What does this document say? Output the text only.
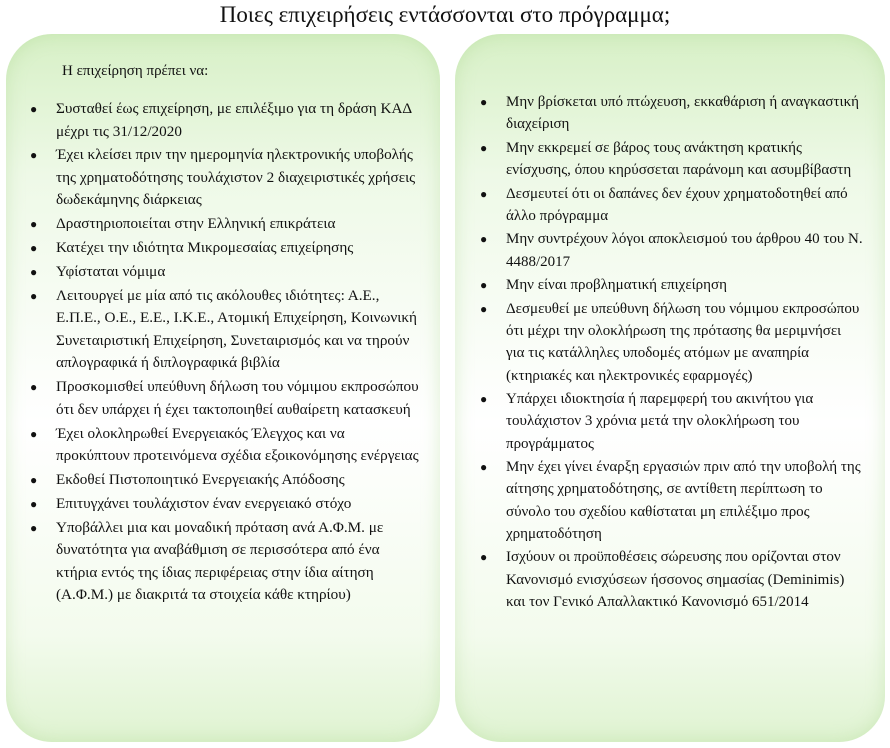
Ποιες επιχειρήσεις εντάσσονται στο πρόγραμμα;
Η επιχείρηση πρέπει να:
● Συσταθεί έως επιχείρηση, με επιλέξιμο για τη δράση ΚΑΔ μέχρι τις 31/12/2020
● Έχει κλείσει πριν την ημερομηνία ηλεκτρονικής υποβολής της χρηματοδότησης τουλάχιστον 2 διαχειριστικές χρήσεις δωδεκάμηνης διάρκειας
● Δραστηριοποιείται στην Ελληνική επικράτεια
● Κατέχει την ιδιότητα Μικρομεσαίας επιχείρησης
● Υφίσταται νόμιμα
● Λειτουργεί με μία από τις ακόλουθες ιδιότητες: Α.Ε., Ε.Π.Ε., Ο.Ε., Ε.Ε., Ι.Κ.Ε., Ατομική Επιχείρηση, Κοινωνική Συνεταιριστική Επιχείρηση, Συνεταιρισμός και να τηρούν απλογραφικά ή διπλογραφικά βιβλία
● Προσκομισθεί υπεύθυνη δήλωση του νόμιμου εκπροσώπου ότι δεν υπάρχει ή έχει τακτοποιηθεί αυθαίρετη κατασκευή
● Έχει ολοκληρωθεί Ενεργειακός Έλεγχος και να προκύπτουν προτεινόμενα σχέδια εξοικονόμησης ενέργειας
● Εκδοθεί Πιστοποιητικό Ενεργειακής Απόδοσης
● Επιτυγχάνει τουλάχιστον έναν ενεργειακό στόχο
● Υποβάλλει μια και μοναδική πρόταση ανά Α.Φ.Μ. με δυνατότητα για αναβάθμιση σε περισσότερα από ένα κτήρια εντός της ίδιας περιφέρειας στην ίδια αίτηση (Α.Φ.Μ.) με διακριτά τα στοιχεία κάθε κτηρίου)
● Μην βρίσκεται υπό πτώχευση, εκκαθάριση ή αναγκαστική διαχείριση
● Μην εκκρεμεί σε βάρος τους ανάκτηση κρατικής ενίσχυσης, όπου κηρύσσεται παράνομη και ασυμβίβαστη
● Δεσμευτεί ότι οι δαπάνες δεν έχουν χρηματοδοτηθεί από άλλο πρόγραμμα
● Μην συντρέχουν λόγοι αποκλεισμού του άρθρου 40 του Ν. 4488/2017
● Μην είναι προβληματική επιχείρηση
● Δεσμευθεί με υπεύθυνη δήλωση του νόμιμου εκπροσώπου ότι μέχρι την ολοκλήρωση της πρότασης θα μεριμνήσει για τις κατάλληλες υποδομές ατόμων με αναπηρία (κτηριακές και ηλεκτρονικές εφαρμογές)
● Υπάρχει ιδιοκτησία ή παρεμφερή του ακινήτου για τουλάχιστον 3 χρόνια μετά την ολοκλήρωση του προγράμματος
● Μην έχει γίνει έναρξη εργασιών πριν από την υποβολή της αίτησης χρηματοδότησης, σε αντίθετη περίπτωση το σύνολο του σχεδίου καθίσταται μη επιλέξιμο προς χρηματοδότηση
● Ισχύουν οι προϋποθέσεις σώρευσης που ορίζονται στον Κανονισμό ενισχύσεων ήσσονος σημασίας (Deminimis) και τον Γενικό Απαλλακτικό Κανονισμό 651/2014
